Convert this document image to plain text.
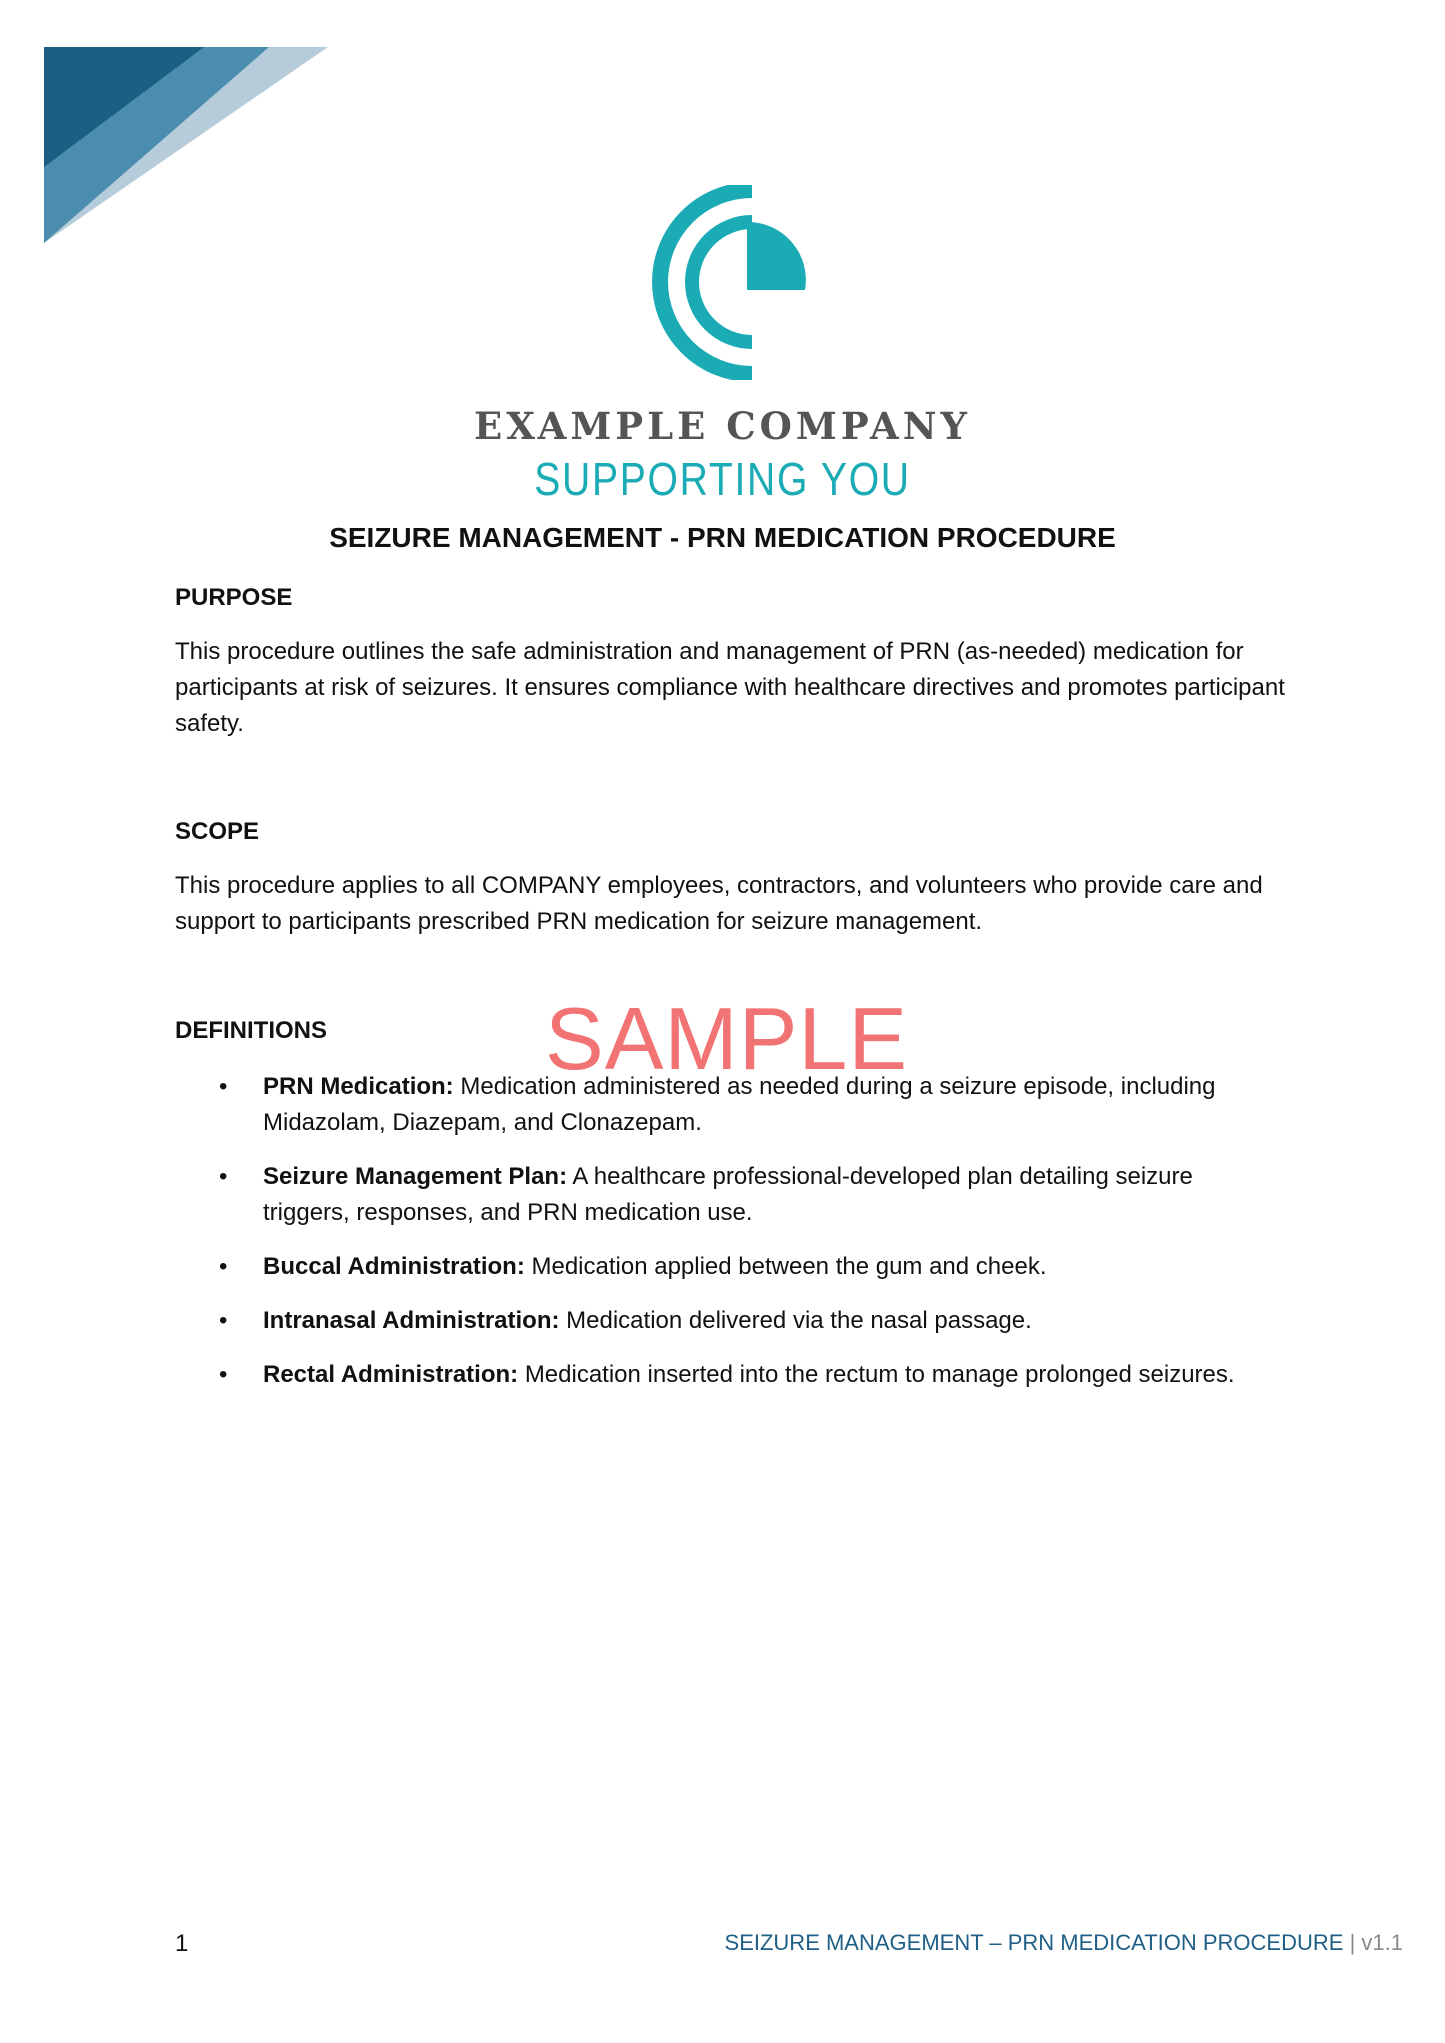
EXAMPLE COMPANY
SUPPORTING YOU
SEIZURE MANAGEMENT - PRN MEDICATION PROCEDURE
PURPOSE

This procedure outlines the safe administration and management of PRN (as-needed) medication for participants at risk of seizures. It ensures compliance with healthcare directives and promotes participant safety.

SCOPE

This procedure applies to all COMPANY employees, contractors, and volunteers who provide care and support to participants prescribed PRN medication for seizure management.

DEFINITIONS
• PRN Medication: Medication administered as needed during a seizure episode, including Midazolam, Diazepam, and Clonazepam.
• Seizure Management Plan: A healthcare professional-developed plan detailing seizure triggers, responses, and PRN medication use.
• Buccal Administration: Medication applied between the gum and cheek.
• Intranasal Administration: Medication delivered via the nasal passage.
• Rectal Administration: Medication inserted into the rectum to manage prolonged seizures.
SAMPLE
1	SEIZURE MANAGEMENT – PRN MEDICATION PROCEDURE | v1.1
